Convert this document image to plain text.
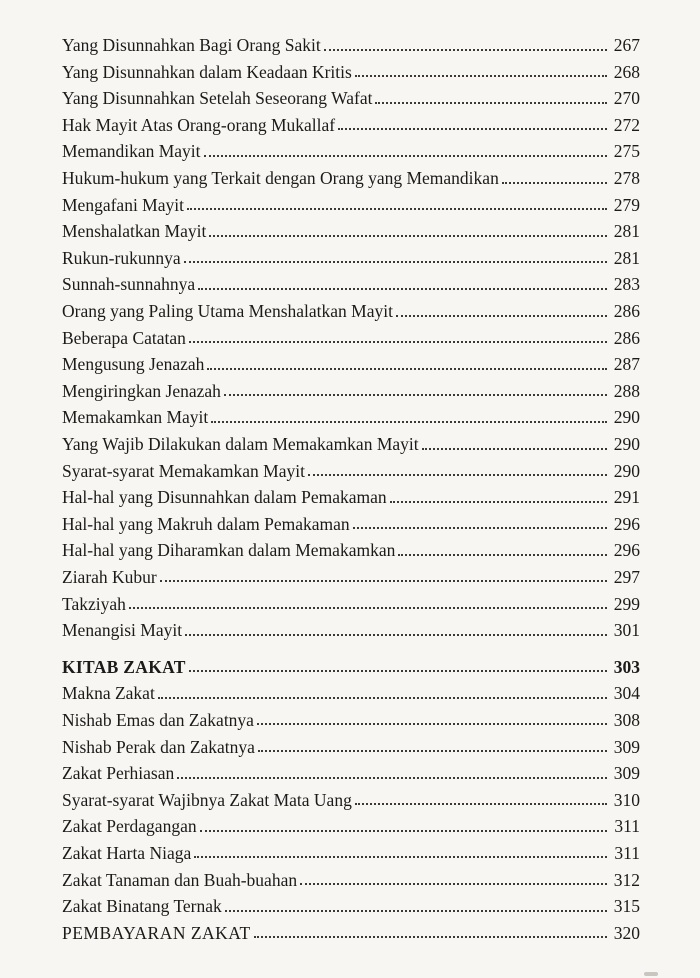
Yang Disunnahkan Bagi Orang Sakit	267
Yang Disunnahkan dalam Keadaan Kritis	268
Yang Disunnahkan Setelah Seseorang Wafat	270
Hak Mayit Atas Orang-orang Mukallaf	272
Memandikan Mayit	275
Hukum-hukum yang Terkait dengan Orang yang Memandikan	278
Mengafani Mayit	279
Menshalatkan Mayit	281
Rukun-rukunnya	281
Sunnah-sunnahnya	283
Orang yang Paling Utama Menshalatkan Mayit	286
Beberapa Catatan	286
Mengusung Jenazah	287
Mengiringkan Jenazah	288
Memakamkan Mayit	290
Yang Wajib Dilakukan dalam Memakamkan Mayit	290
Syarat-syarat Memakamkan Mayit	290
Hal-hal yang Disunnahkan dalam Pemakaman	291
Hal-hal yang Makruh dalam Pemakaman	296
Hal-hal yang Diharamkan dalam Memakamkan	296
Ziarah Kubur	297
Takziyah	299
Menangisi Mayit	301
KITAB ZAKAT	303
Makna Zakat	304
Nishab Emas dan Zakatnya	308
Nishab Perak dan Zakatnya	309
Zakat Perhiasan	309
Syarat-syarat Wajibnya Zakat Mata Uang	310
Zakat Perdagangan	311
Zakat Harta Niaga	311
Zakat Tanaman dan Buah-buahan	312
Zakat Binatang Ternak	315
PEMBAYARAN ZAKAT	320
